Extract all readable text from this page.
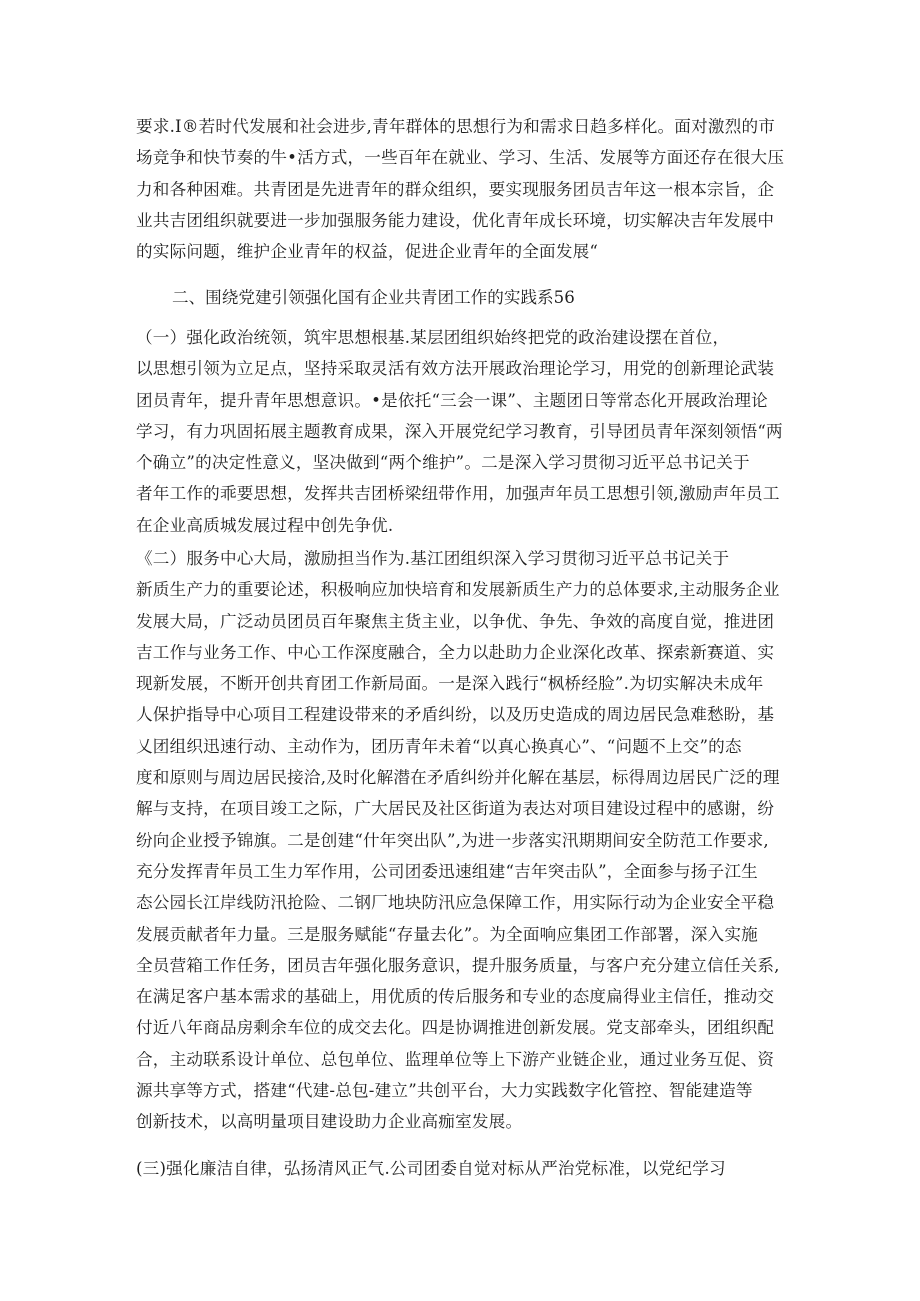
要求.I®若时代发展和社会进步,青年群体的思想行为和需求日趋多样化。面对激烈的市
场竞争和快节奏的牛•活方式，一些百年在就业、学习、生活、发展等方面还存在很大压
力和各种困难。共青团是先进青年的群众组织，要实现服务团员吉年这一根本宗旨，企
业共吉团组织就要进一步加强服务能力建设，优化青年成长环境，切实解决吉年发展中
的实际问题，维护企业青年的权益，促进企业青年的全面发展“
二、围绕党建引领强化国有企业共青团工作的实践系56
（一）强化政治统领，筑牢思想根基.某层团组织始终把党的政治建设摆在首位，
以思想引领为立足点，坚持采取灵活有效方法开展政治理论学习，用党的创新理论武装
团员青年，提升青年思想意识。•是依托“三会一课”、主题团日等常态化开展政治理论
学习，有力巩固拓展主题教育成果，深入开展党纪学习教育，引导团员青年深刻领悟“两
个确立”的决定性意义，坚决做到“两个维护”。二是深入学习贯彻习近平总书记关于
者年工作的乖要思想，发挥共吉团桥梁纽带作用，加强声年员工思想引领,激励声年员工
在企业高质城发展过程中创先争优.
《二）服务中心大局，激励担当作为.基江团组织深入学习贯彻习近平总书记关于
新质生产力的重要论述，积极响应加快培育和发展新质生产力的总体要求,主动服务企业
发展大局，广泛动员团员百年聚焦主货主业，以争优、争先、争效的高度自觉，推进团
吉工作与业务工作、中心工作深度融合，全力以赴助力企业深化改革、探索新赛道、实
现新发展，不断开创共育团工作新局面。一是深入践行“枫桥经脸”.为切实解决未成年
人保护指导中心项目工程建设带来的矛盾纠纷，以及历史造成的周边居民急难愁盼，基
乂团组织迅速行动、主动作为，团历青年未着“以真心换真心”、“问题不上交”的态
度和原则与周边居民接洽,及时化解潜在矛盾纠纷并化解在基层，标得周边居民广泛的理
解与支持，在项目竣工之际，广大居民及社区街道为表达对项目建设过程中的感谢，纷
纷向企业授予锦旗。二是创建“什年突出队”,为进一步落实汛期期间安全防范工作要求,
充分发挥青年员工生力军作用，公司团委迅速组建“吉年突击队”，全面参与扬子江生
态公园长江岸线防汛抢险、二钢厂地块防汛应急保障工作，用实际行动为企业安全平稳
发展贡献者年力量。三是服务赋能“存量去化”。为全面响应集团工作部署，深入实施
全员营箱工作任务，团员吉年强化服务意识，提升服务质量，与客户充分建立信任关系,
在满足客户基本需求的基础上，用优质的传后服务和专业的态度扁得业主信任，推动交
付近八年商品房剩余车位的成交去化。四是协调推进创新发展。党支部牵头，团组织配
合，主动联系设计单位、总包单位、监理单位等上下游产业链企业，通过业务互促、资
源共享等方式，搭建“代建-总包-建立”共创平台，大力实践数字化管控、智能建造等
创新技术，以高明量项目建设助力企业高痂室发展。
(三)强化廉洁自律，弘扬清风正气.公司团委自觉对标从严治党标准，以党纪学习
